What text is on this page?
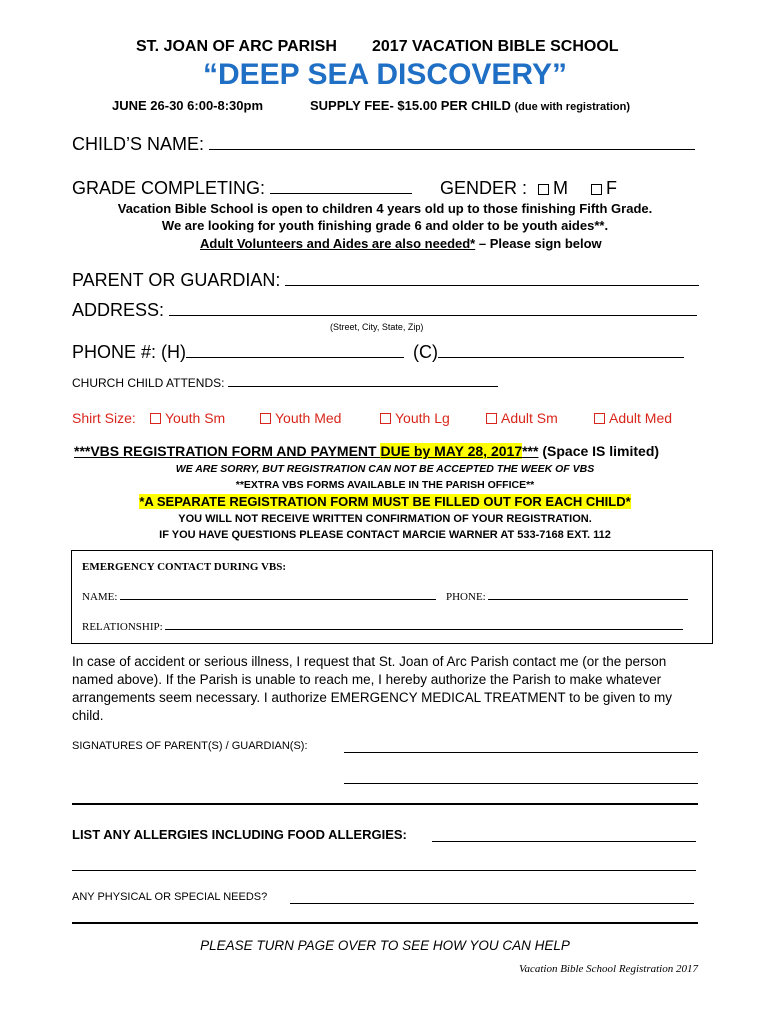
ST. JOAN OF ARC PARISH 2017 VACATION BIBLE SCHOOL
“DEEP SEA DISCOVERY”
JUNE 26-30 6:00-8:30pm	SUPPLY FEE- $15.00 PER CHILD (due with registration)
CHILD’S NAME:
GRADE COMPLETING:	GENDER : M F
Vacation Bible School is open to children 4 years old up to those finishing Fifth Grade.
We are looking for youth finishing grade 6 and older to be youth aides**.
Adult Volunteers and Aides are also needed* – Please sign below
PARENT OR GUARDIAN:
ADDRESS:
(Street, City, State, Zip)
PHONE #: (H)	(C)
CHURCH CHILD ATTENDS:
Shirt Size:	Youth Sm	Youth Med	Youth Lg	Adult Sm	Adult Med
***VBS REGISTRATION FORM AND PAYMENT DUE by MAY 28, 2017*** (Space IS limited)
WE ARE SORRY, BUT REGISTRATION CAN NOT BE ACCEPTED THE WEEK OF VBS
**EXTRA VBS FORMS AVAILABLE IN THE PARISH OFFICE**
*A SEPARATE REGISTRATION FORM MUST BE FILLED OUT FOR EACH CHILD*
YOU WILL NOT RECEIVE WRITTEN CONFIRMATION OF YOUR REGISTRATION.
IF YOU HAVE QUESTIONS PLEASE CONTACT MARCIE WARNER AT 533-7168 EXT. 112
EMERGENCY CONTACT DURING VBS:
NAME:	PHONE:
RELATIONSHIP:
In case of accident or serious illness, I request that St. Joan of Arc Parish contact me (or the person named above). If the Parish is unable to reach me, I hereby authorize the Parish to make whatever arrangements seem necessary. I authorize EMERGENCY MEDICAL TREATMENT to be given to my child.
SIGNATURES OF PARENT(S) / GUARDIAN(S):
LIST ANY ALLERGIES INCLUDING FOOD ALLERGIES:
ANY PHYSICAL OR SPECIAL NEEDS?
PLEASE TURN PAGE OVER TO SEE HOW YOU CAN HELP
Vacation Bible School Registration 2017
